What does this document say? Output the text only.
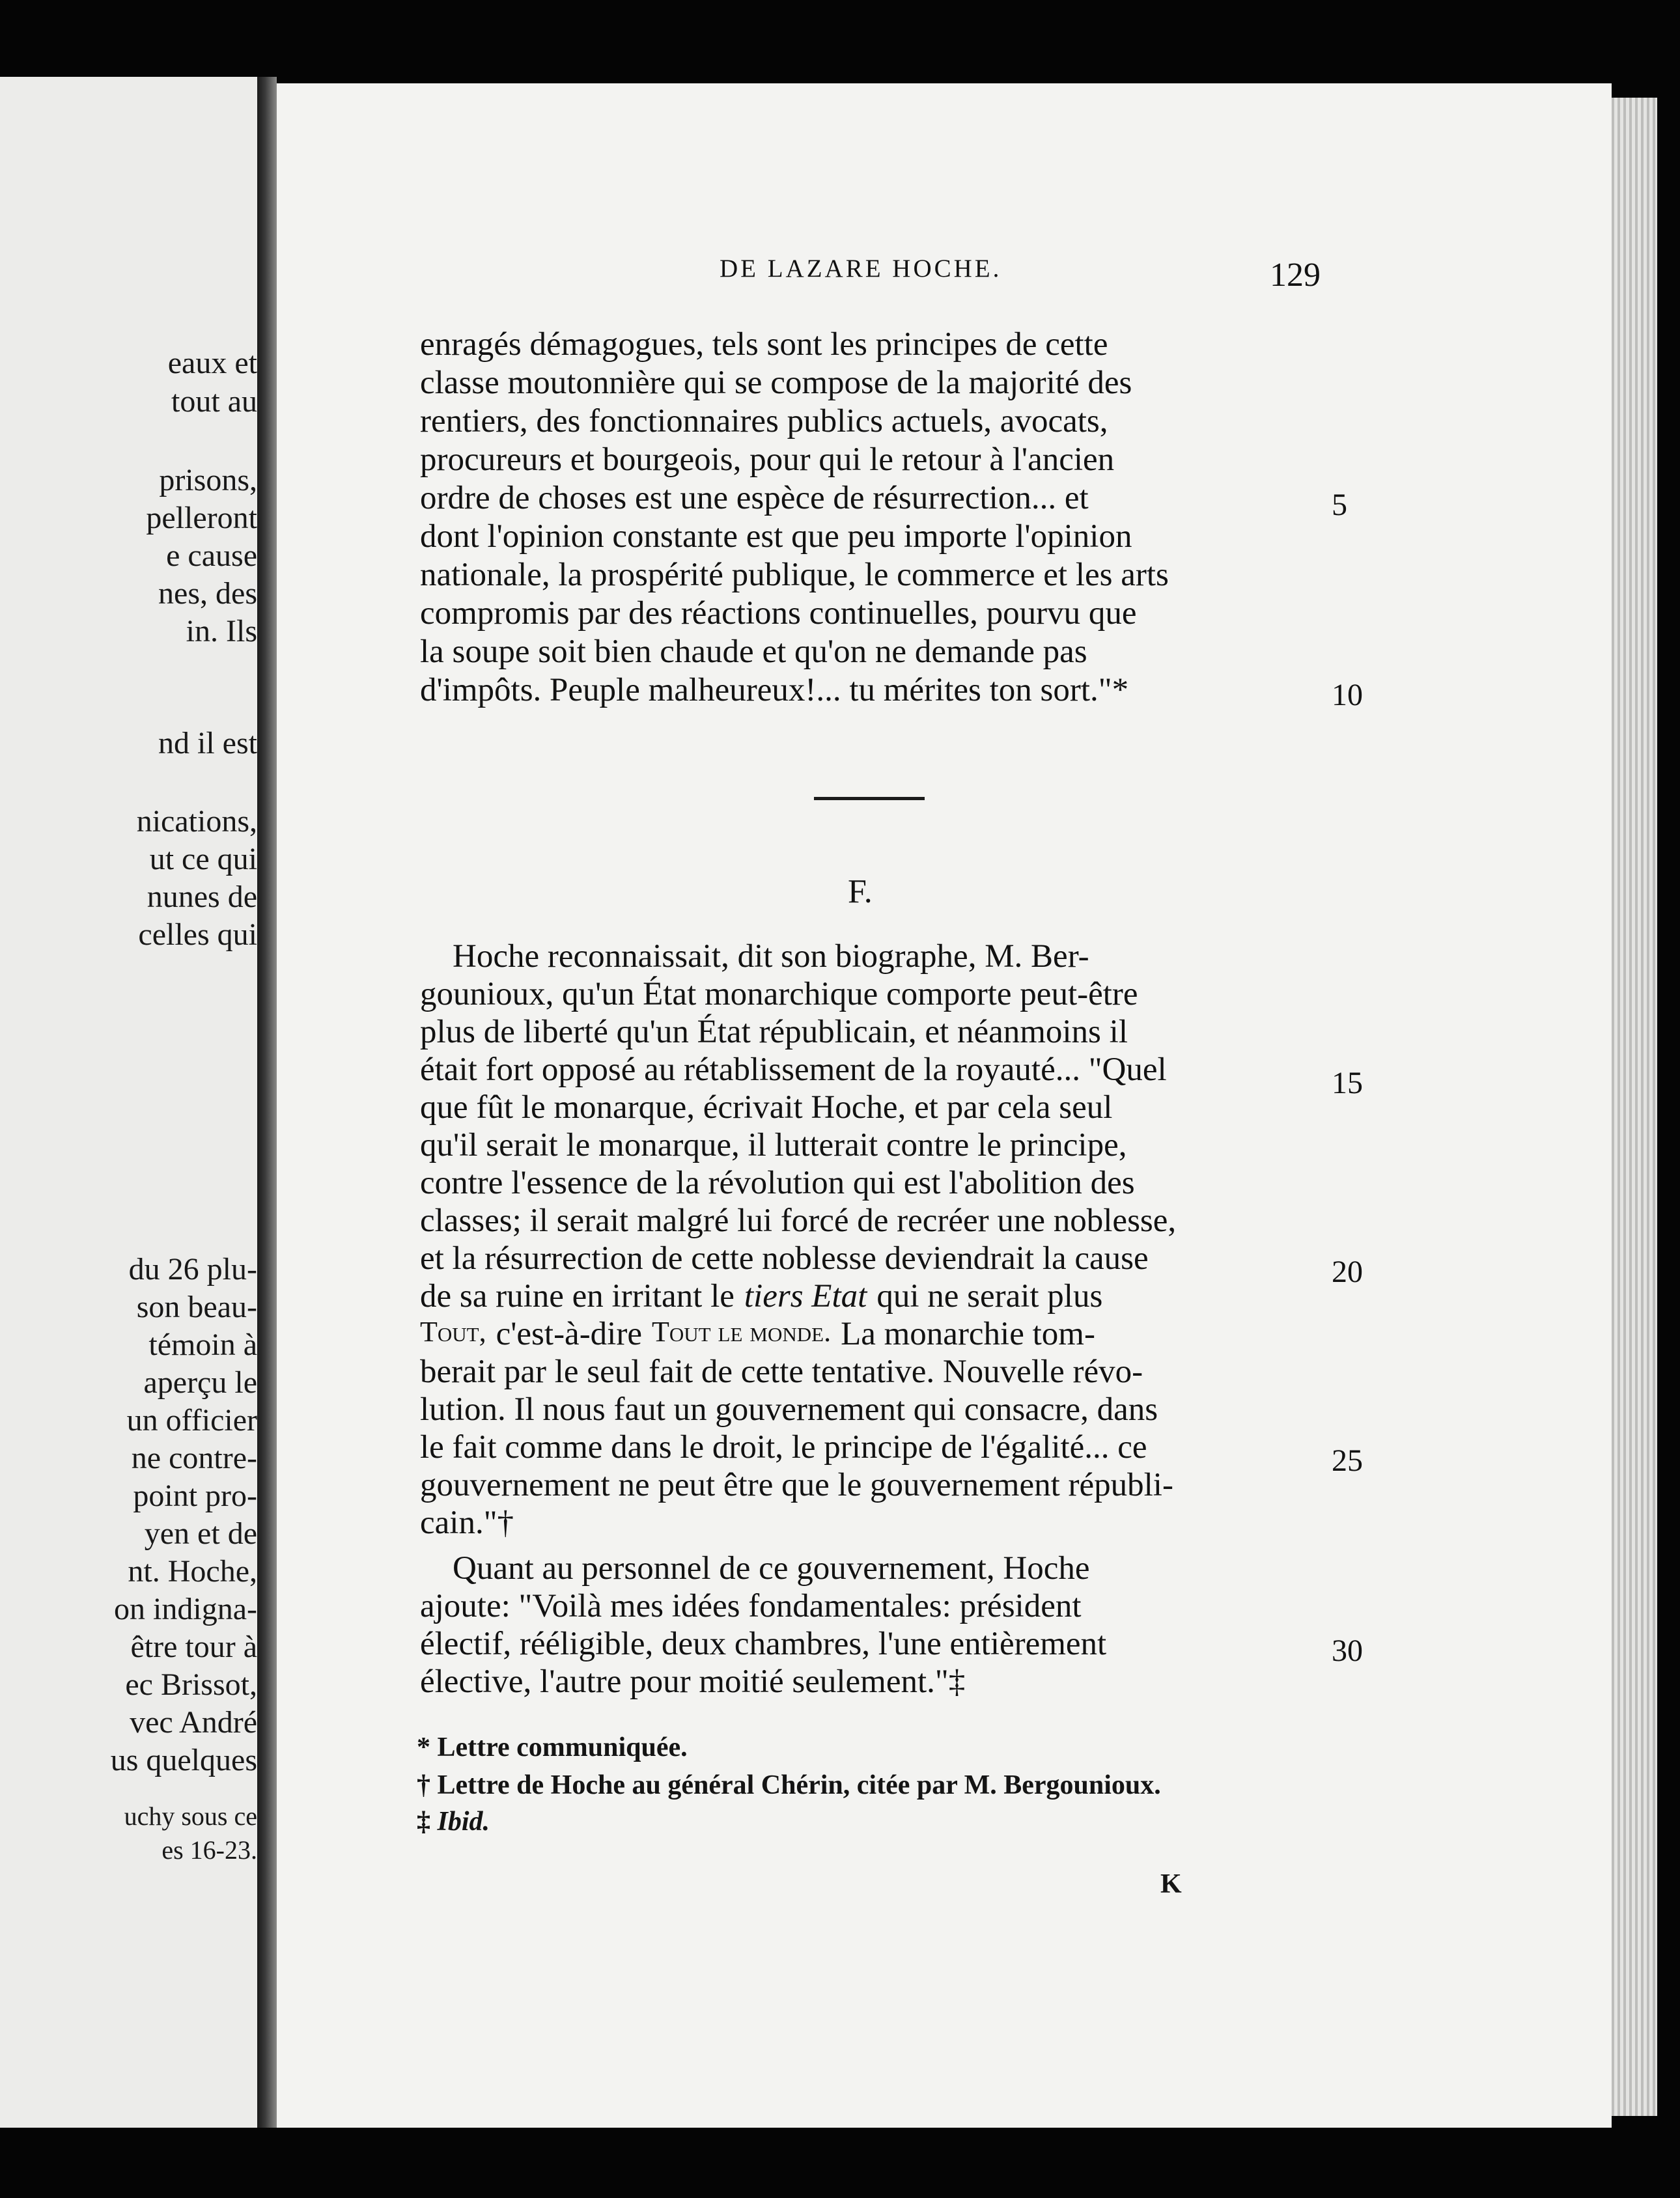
eaux et
tout au
prisons,
pelleront
e cause
nes, des
in. Ils
nd il est
nications,
ut ce qui
nunes de
celles qui
du 26 plu-
son beau-
témoin à
aperçu le
un officier
ne contre-
point pro-
yen et de
nt. Hoche,
on indigna-
être tour à
ec Brissot,
vec André
us quelques
uchy sous ce
es 16-23.
DE LAZARE HOCHE.	129
enragés démagogues, tels sont les principes de cette
classe moutonnière qui se compose de la majorité des
rentiers, des fonctionnaires publics actuels, avocats,
procureurs et bourgeois, pour qui le retour à l'ancien
ordre de choses est une espèce de résurrection... et
dont l'opinion constante est que peu importe l'opinion
nationale, la prospérité publique, le commerce et les arts
compromis par des réactions continuelles, pourvu que
la soupe soit bien chaude et qu'on ne demande pas
d'impôts. Peuple malheureux!... tu mérites ton sort."*
F.
Hoche reconnaissait, dit son biographe, M. Ber-
gounioux, qu'un État monarchique comporte peut-être
plus de liberté qu'un État républicain, et néanmoins il
était fort opposé au rétablissement de la royauté... "Quel
que fût le monarque, écrivait Hoche, et par cela seul
qu'il serait le monarque, il lutterait contre le principe,
contre l'essence de la révolution qui est l'abolition des
classes; il serait malgré lui forcé de recréer une noblesse,
et la résurrection de cette noblesse deviendrait la cause
de sa ruine en irritant le tiers Etat qui ne serait plus
Tout, c'est-à-dire Tout le monde. La monarchie tom-
berait par le seul fait de cette tentative. Nouvelle révo-
lution. Il nous faut un gouvernement qui consacre, dans
le fait comme dans le droit, le principe de l'égalité... ce
gouvernement ne peut être que le gouvernement républi-
cain."†
Quant au personnel de ce gouvernement, Hoche
ajoute: "Voilà mes idées fondamentales: président
électif, rééligible, deux chambres, l'une entièrement
élective, l'autre pour moitié seulement."‡
5
10
15
20
25
30
* Lettre communiquée.
† Lettre de Hoche au général Chérin, citée par M. Bergounioux.
‡ Ibid.
K
